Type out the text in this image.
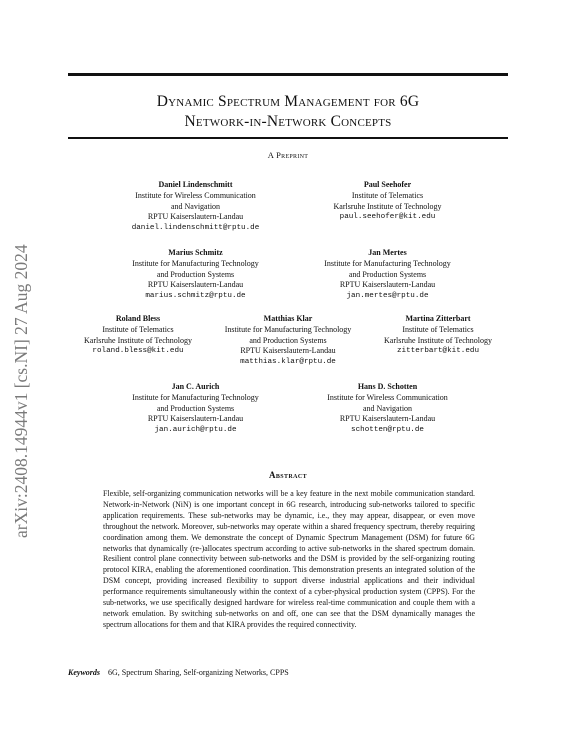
arXiv:2408.14944v1 [cs.NI] 27 Aug 2024
Dynamic Spectrum Management for 6G
Network-in-Network Concepts
A Preprint
Daniel Lindenschmitt
Institute for Wireless Communication
and Navigation
RPTU Kaiserslautern-Landau
daniel.lindenschmitt@rptu.de
Paul Seehofer
Institute of Telematics
Karlsruhe Institute of Technology
paul.seehofer@kit.edu
Marius Schmitz
Institute for Manufacturing Technology
and Production Systems
RPTU Kaiserslautern-Landau
marius.schmitz@rptu.de
Jan Mertes
Institute for Manufacturing Technology
and Production Systems
RPTU Kaiserslautern-Landau
jan.mertes@rptu.de
Roland Bless
Institute of Telematics
Karlsruhe Institute of Technology
roland.bless@kit.edu
Matthias Klar
Institute for Manufacturing Technology
and Production Systems
RPTU Kaiserslautern-Landau
matthias.klar@rptu.de
Martina Zitterbart
Institute of Telematics
Karlsruhe Institute of Technology
zitterbart@kit.edu
Jan C. Aurich
Institute for Manufacturing Technology
and Production Systems
RPTU Kaiserslautern-Landau
jan.aurich@rptu.de
Hans D. Schotten
Institute for Wireless Communication
and Navigation
RPTU Kaiserslautern-Landau
schotten@rptu.de
Abstract
Flexible, self-organizing communication networks will be a key feature in the next mobile communication standard. Network-in-Network (NiN) is one important concept in 6G research, introducing sub-networks tailored to specific application requirements. These sub-networks may be dynamic, i.e., they may appear, disappear, or even move throughout the network. Moreover, sub-networks may operate within a shared frequency spectrum, thereby requiring coordination among them. We demonstrate the concept of Dynamic Spectrum Management (DSM) for future 6G networks that dynamically (re-)allocates spectrum according to active sub-networks in the shared spectrum domain. Resilient control plane connectivity between sub-networks and the DSM is provided by the self-organizing routing protocol KIRA, enabling the aforementioned coordination. This demonstration presents an integrated solution of the DSM concept, providing increased flexibility to support diverse industrial applications and their individual performance requirements simultaneously within the context of a cyber-physical production system (CPPS). For the sub-networks, we use specifically designed hardware for wireless real-time communication and couple them with a network emulation. By switching sub-networks on and off, one can see that the DSM dynamically manages the spectrum allocations for them and that KIRA provides the required connectivity.
Keywords 6G, Spectrum Sharing, Self-organizing Networks, CPPS
